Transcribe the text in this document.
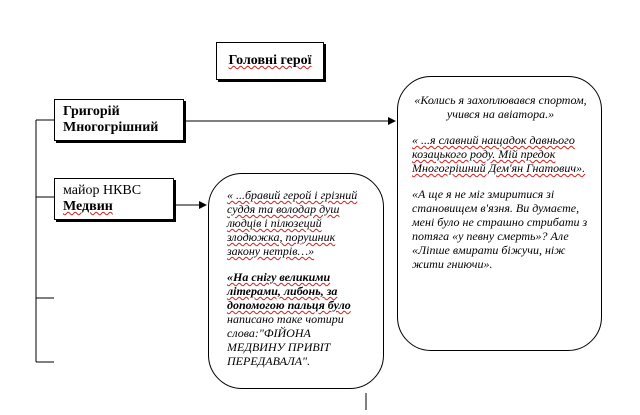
Головні герої
Григорій
Многогрішний
майор НКВС
Медвин

« ...бравий герой і грізний суддя та володар душ людців і пiлюзеций злодюжка, порушник закону нетрів…»

«На снігу великими літерами, либонь, за допомогою пальця було написано таке чотири слова:"ФІЙОНА МЕДВИНУ ПРИВІТ ПЕРЕДАВАЛА".

«Колись я захоплювався спортом, учився на авіатора.»

« ...я славний нащадок давнього козацького роду. Мій предок Многогрішний Дем'ян Гнатович».

«А ще я не міг змиритися зі становищем в'язня. Ви думаєте, мені було не страшно стрибати з потяга «у певну смерть»? Але «Лiпше вмирати біжучи, ніж жити гниючи».
